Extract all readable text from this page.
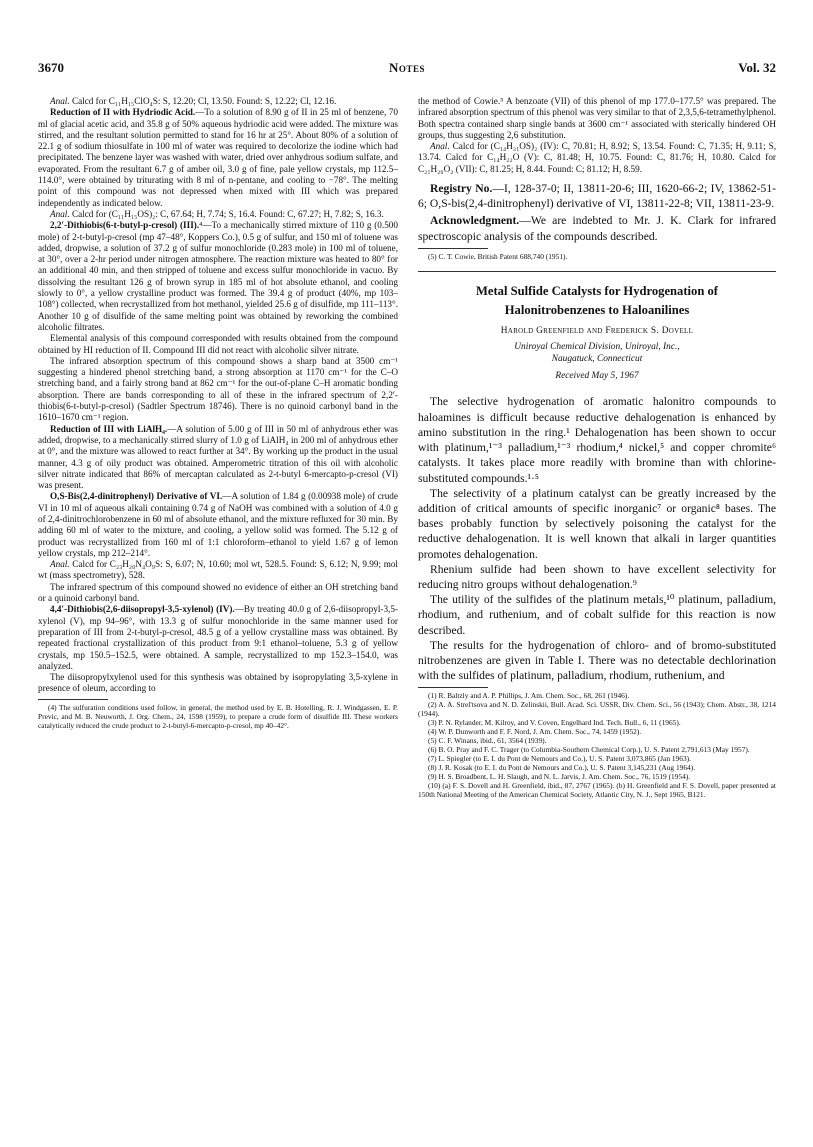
3670	Notes	Vol. 32

Anal. Calcd for C₁₁H₁₅ClO₄S: S, 12.20; Cl, 13.50. Found: S, 12.22; Cl, 12.16.

Reduction of II with Hydriodic Acid.—To a solution of 8.90 g of II in 25 ml of benzene, 70 ml of glacial acetic acid, and 35.8 g of 50% aqueous hydriodic acid were added. The mixture was stirred, and the resultant solution permitted to stand for 16 hr at 25°. About 80% of a solution of 22.1 g of sodium thiosulfate in 100 ml of water was required to decolorize the iodine which had precipitated. The benzene layer was washed with water, dried over anhydrous sodium sulfate, and evaporated. From the resultant 6.7 g of amber oil, 3.0 g of fine, pale yellow crystals, mp 112.5–114.0°, were obtained by triturating with 8 ml of n-pentane, and cooling to −78°. The melting point of this compound was not depressed when mixed with III which was prepared independently as indicated below.

Anal. Calcd for (C₁₁H₁₅OS)₂: C, 67.64; H, 7.74; S, 16.4. Found: C, 67.27; H, 7.82; S, 16.3.

2,2′-Dithiobis(6-t-butyl-p-cresol) (III).⁴—To a mechanically stirred mixture of 110 g (0.500 mole) of 2-t-butyl-p-cresol (mp 47–48°, Koppers Co.), 0.5 g of sulfur, and 150 ml of toluene was added, dropwise, a solution of 37.2 g of sulfur monochloride (0.283 mole) in 100 ml of toluene, at 30°, over a 2-hr period under nitrogen atmosphere. The reaction mixture was heated to 80° for an additional 40 min, and then stripped of toluene and excess sulfur monochloride in vacuo. By dissolving the resultant 126 g of brown syrup in 185 ml of hot absolute ethanol, and cooling slowly to 0°, a yellow crystalline product was formed. The 39.4 g of product (40%, mp 103–108°) collected, when recrystallized from hot methanol, yielded 25.6 g of disulfide, mp 111–113°. Another 10 g of disulfide of the same melting point was obtained by reworking the combined alcoholic filtrates.

Elemental analysis of this compound corresponded with results obtained from the compound obtained by HI reduction of II. Compound III did not react with alcoholic silver nitrate.

The infrared absorption spectrum of this compound shows a sharp band at 3500 cm⁻¹ suggesting a hindered phenol stretching band, a strong absorption at 1170 cm⁻¹ for the C–O stretching band, and a fairly strong band at 862 cm⁻¹ for the out-of-plane C–H aromatic bonding absorption. There are bands corresponding to all of these in the infrared spectrum of 2,2′-thiobis(6-t-butyl-p-cresol) (Sadtler Spectrum 18746). There is no quinoid carbonyl band in the 1610–1670 cm⁻¹ region.

Reduction of III with LiAlH₄.—A solution of 5.00 g of III in 50 ml of anhydrous ether was added, dropwise, to a mechanically stirred slurry of 1.0 g of LiAlH₄ in 200 ml of anhydrous ether at 0°, and the mixture was allowed to react further at 34°. By working up the product in the usual manner, 4.3 g of oily product was obtained. Amperometric titration of this oil with alcoholic silver nitrate indicated that 86% of mercaptan calculated as 2-t-butyl 6-mercapto-p-cresol (VI) was present.

O,S-Bis(2,4-dinitrophenyl) Derivative of VI.—A solution of 1.84 g (0.00938 mole) of crude VI in 10 ml of aqueous alkali containing 0.74 g of NaOH was combined with a solution of 4.0 g of 2,4-dinitrochlorobenzene in 60 ml of absolute ethanol, and the mixture refluxed for 30 min. By adding 60 ml of water to the mixture, and cooling, a yellow solid was formed. The 5.12 g of product was recrystallized from 160 ml of 1:1 chloroform–ethanol to yield 1.67 g of lemon yellow crystals, mp 212–214°.

Anal. Calcd for C₂₃H₂₀N₄O₉S: S, 6.07; N, 10.60; mol wt, 528.5. Found: S, 6.12; N, 9.99; mol wt (mass spectrometry), 528.

The infrared spectrum of this compound showed no evidence of either an OH stretching band or a quinoid carbonyl band.

4,4′-Dithiobis(2,6-diisopropyl-3,5-xylenol) (IV).—By treating 40.0 g of 2,6-diisopropyl-3,5-xylenol (V), mp 94–96°, with 13.3 g of sulfur monochloride in the same manner used for preparation of III from 2-t-butyl-p-cresol, 48.5 g of a yellow crystalline mass was obtained. By repeated fractional crystallization of this product from 9:1 ethanol–toluene, 5.3 g of yellow crystals, mp 150.5–152.5, were obtained. A sample, recrystallized to mp 152.3–154.0, was analyzed.

The diisopropylxylenol used for this synthesis was obtained by isopropylating 3,5-xylene in presence of oleum, according to

(4) The sulfuration conditions used follow, in general, the method used by E. B. Hotelling, R. J. Windgassen, E. P. Previc, and M. B. Neuworth, J. Org. Chem., 24, 1598 (1959), to prepare a crude form of disulfide III. These workers catalytically reduced the crude product to 2-t-butyl-6-mercapto-p-cresol, mp 40–42°.

the method of Cowie.⁵ A benzoate (VII) of this phenol of mp 177.0–177.5° was prepared. The infrared absorption spectrum of this phenol was very similar to that of 2,3,5,6-tetramethylphenol. Both spectra contained sharp single bands at 3600 cm⁻¹ associated with sterically hindered OH groups, thus suggesting 2,6 substitution.

Anal. Calcd for (C₁₄H₂₁OS)₂ (IV): C, 70.81; H, 8.92; S, 13.54. Found: C, 71.35; H, 9.11; S, 13.74. Calcd for C₁₄H₂₂O (V): C, 81.48; H, 10.75. Found: C, 81.76; H, 10.80. Calcd for C₂₁H₂₆O₂ (VII): C, 81.25; H, 8.44. Found: C; 81.12; H, 8.59.

Registry No.—I, 128-37-0; II, 13811-20-6; III, 1620-66-2; IV, 13862-51-6; O,S-bis(2,4-dinitrophenyl) derivative of VI, 13811-22-8; VII, 13811-23-9.

Acknowledgment.—We are indebted to Mr. J. K. Clark for infrared spectroscopic analysis of the compounds described.

(5) C. T. Cowie, British Patent 688,740 (1951).

Metal Sulfide Catalysts for Hydrogenation of
Halonitrobenzenes to Haloanilines
Harold Greenfield and Frederick S. Dovell
Uniroyal Chemical Division, Uniroyal, Inc.,
Naugatuck, Connecticut
Received May 5, 1967

The selective hydrogenation of aromatic halonitro compounds to haloamines is difficult because reductive dehalogenation is enhanced by amino substitution in the ring.¹ Dehalogenation has been shown to occur with platinum,¹⁻³ palladium,¹⁻³ rhodium,⁴ nickel,⁵ and copper chromite⁶ catalysts. It takes place more readily with bromine than with chlorine-substituted compounds.¹·⁵

The selectivity of a platinum catalyst can be greatly increased by the addition of critical amounts of specific inorganic⁷ or organic⁸ bases. The bases probably function by selectively poisoning the catalyst for the reductive dehalogenation. It is well known that alkali in larger quantities promotes dehalogenation.

Rhenium sulfide had been shown to have excellent selectivity for reducing nitro groups without dehalogenation.⁹

The utility of the sulfides of the platinum metals,¹⁰ platinum, palladium, rhodium, and ruthenium, and of cobalt sulfide for this reaction is now described.

The results for the hydrogenation of chloro- and of bromo-substituted nitrobenzenes are given in Table I. There was no detectable dechlorination with the sulfides of platinum, palladium, rhodium, ruthenium, and

(1) R. Baltzly and A. P. Phillips, J. Am. Chem. Soc., 68, 261 (1946).

(2) A. A. Strel'tsova and N. D. Zelinskii, Bull. Acad. Sci. USSR, Div. Chem. Sci., 56 (1943); Chem. Abstr., 38, 1214 (1944).

(3) P. N. Rylander, M. Kilroy, and V. Coven, Engelhard Ind. Tech. Bull., 6, 11 (1965).

(4) W. P. Dunworth and F. F. Nord, J. Am. Chem. Soc., 74, 1459 (1952).

(5) C. F. Winans, ibid., 61, 3564 (1939).

(6) B. O. Pray and F. C. Trager (to Columbia-Southern Chemical Corp.), U. S. Patent 2,791,613 (May 1957).

(7) L. Spiegler (to E. I. du Pont de Nemours and Co.), U. S. Patent 3,073,865 (Jan 1963).

(8) J. R. Kosak (to E. I. du Pont de Nemours and Co.), U. S. Patent 3,145,231 (Aug 1964).

(9) H. S. Broadbent, L. H. Slaugh, and N. L. Jarvis, J. Am. Chem. Soc., 76, 1519 (1954).

(10) (a) F. S. Dovell and H. Greenfield, ibid., 87, 2767 (1965). (b) H. Greenfield and F. S. Dovell, paper presented at 150th National Meeting of the American Chemical Society, Atlantic City, N. J., Sept 1965, B121.
